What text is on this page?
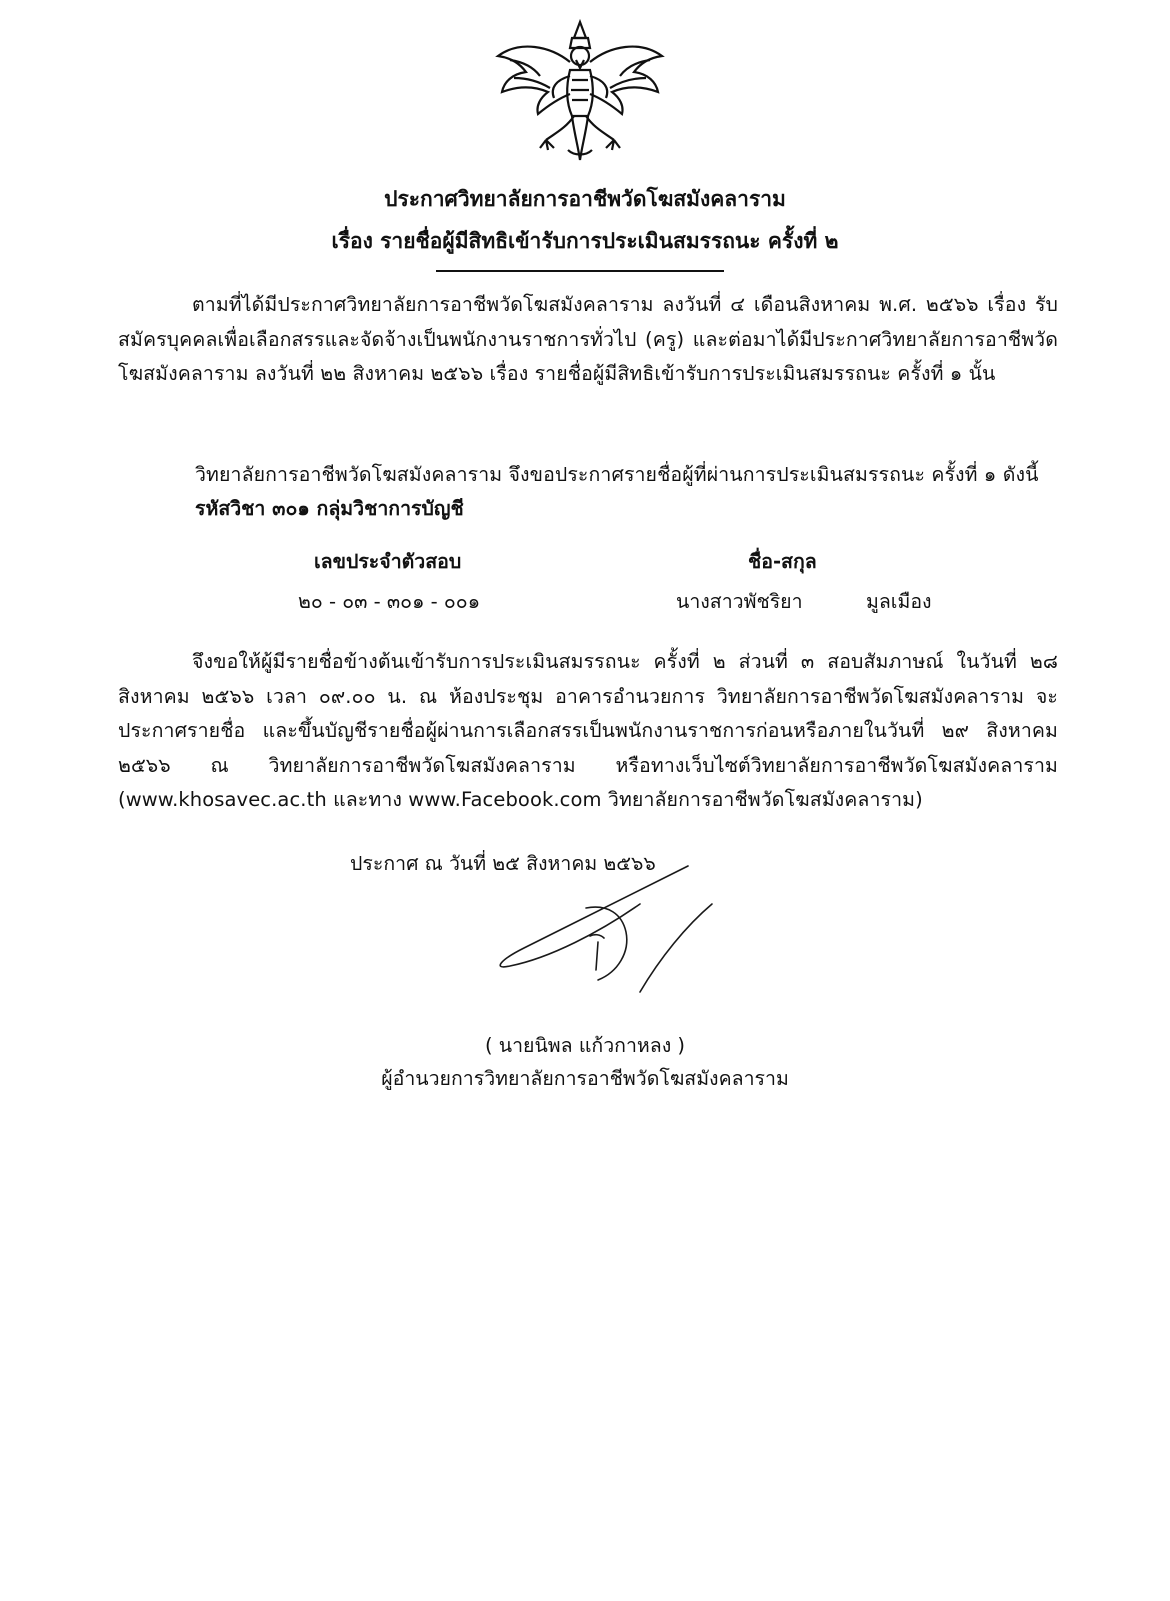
ประกาศวิทยาลัยการอาชีพวัดโฆสมังคลาราม
เรื่อง รายชื่อผู้มีสิทธิเข้ารับการประเมินสมรรถนะ ครั้งที่ ๒

ตามที่ได้มีประกาศวิทยาลัยการอาชีพวัดโฆสมังคลาราม ลงวันที่ ๔ เดือนสิงหาคม พ.ศ. ๒๕๖๖ เรื่อง รับสมัครบุคคลเพื่อเลือกสรรและจัดจ้างเป็นพนักงานราชการทั่วไป (ครู) และต่อมาได้มีประกาศวิทยาลัยการอาชีพวัดโฆสมังคลาราม ลงวันที่ ๒๒ สิงหาคม ๒๕๖๖ เรื่อง รายชื่อผู้มีสิทธิเข้ารับการประเมินสมรรถนะ ครั้งที่ ๑ นั้น

วิทยาลัยการอาชีพวัดโฆสมังคลาราม จึงขอประกาศรายชื่อผู้ที่ผ่านการประเมินสมรรถนะ ครั้งที่ ๑ ดังนี้

รหัสวิชา ๓๐๑ กลุ่มวิชาการบัญชี
เลขประจำตัวสอบ	ชื่อ-สกุล
๒๐ - ๐๓ - ๓๐๑ - ๐๐๑	นางสาวพัชริยา	มูลเมือง

จึงขอให้ผู้มีรายชื่อข้างต้นเข้ารับการประเมินสมรรถนะ ครั้งที่ ๒ ส่วนที่ ๓ สอบสัมภาษณ์ ในวันที่ ๒๘ สิงหาคม ๒๕๖๖ เวลา ๐๙.๐๐ น. ณ ห้องประชุม อาคารอำนวยการ วิทยาลัยการอาชีพวัดโฆสมังคลาราม จะประกาศรายชื่อ และขึ้นบัญชีรายชื่อผู้ผ่านการเลือกสรรเป็นพนักงานราชการก่อนหรือภายในวันที่ ๒๙ สิงหาคม ๒๕๖๖ ณ วิทยาลัยการอาชีพวัดโฆสมังคลาราม หรือทางเว็บไซต์วิทยาลัยการอาชีพวัดโฆสมังคลาราม (www.khosavec.ac.th และทาง www.Facebook.com วิทยาลัยการอาชีพวัดโฆสมังคลาราม)

ประกาศ ณ วันที่ ๒๕ สิงหาคม ๒๕๖๖
( นายนิพล แก้วกาหลง )
ผู้อำนวยการวิทยาลัยการอาชีพวัดโฆสมังคลาราม
